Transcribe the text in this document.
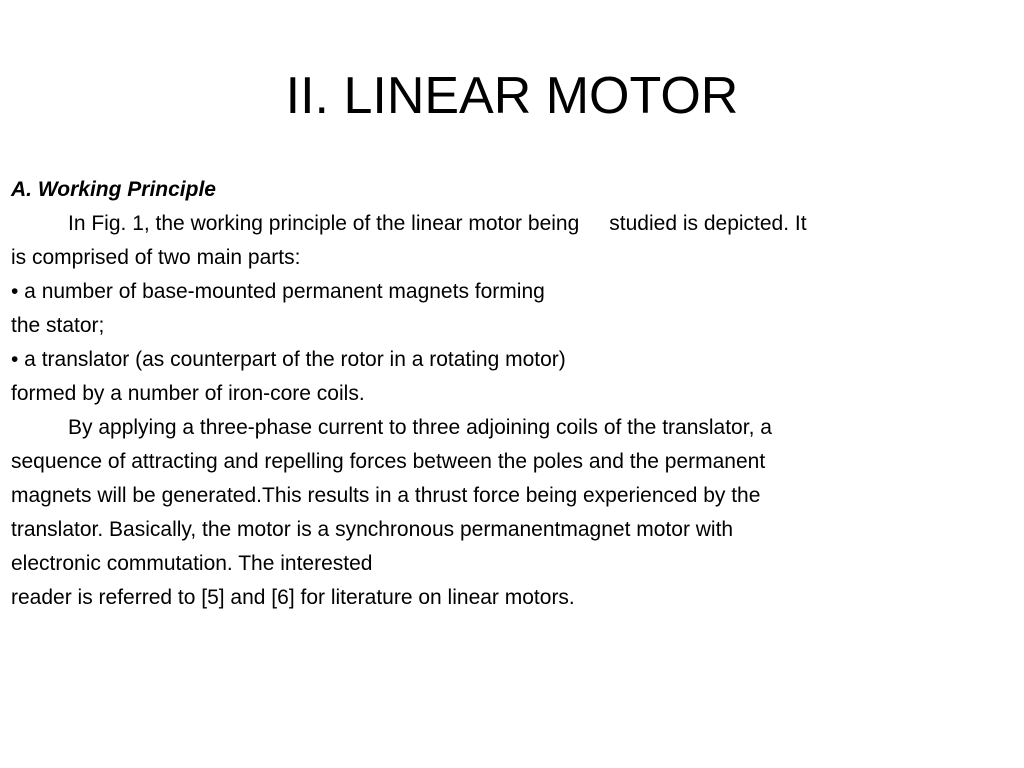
II. LINEAR MOTOR
A. Working Principle
In Fig. 1, the working principle of the linear motor being studied is depicted. It
is comprised of two main parts:
• a number of base-mounted permanent magnets forming
the stator;
• a translator (as counterpart of the rotor in a rotating motor)
formed by a number of iron-core coils.
By applying a three-phase current to three adjoining coils of the translator, a
sequence of attracting and repelling forces between the poles and the permanent
magnets will be generated.This results in a thrust force being experienced by the
translator. Basically, the motor is a synchronous permanentmagnet motor with
electronic commutation. The interested
reader is referred to [5] and [6] for literature on linear motors.
